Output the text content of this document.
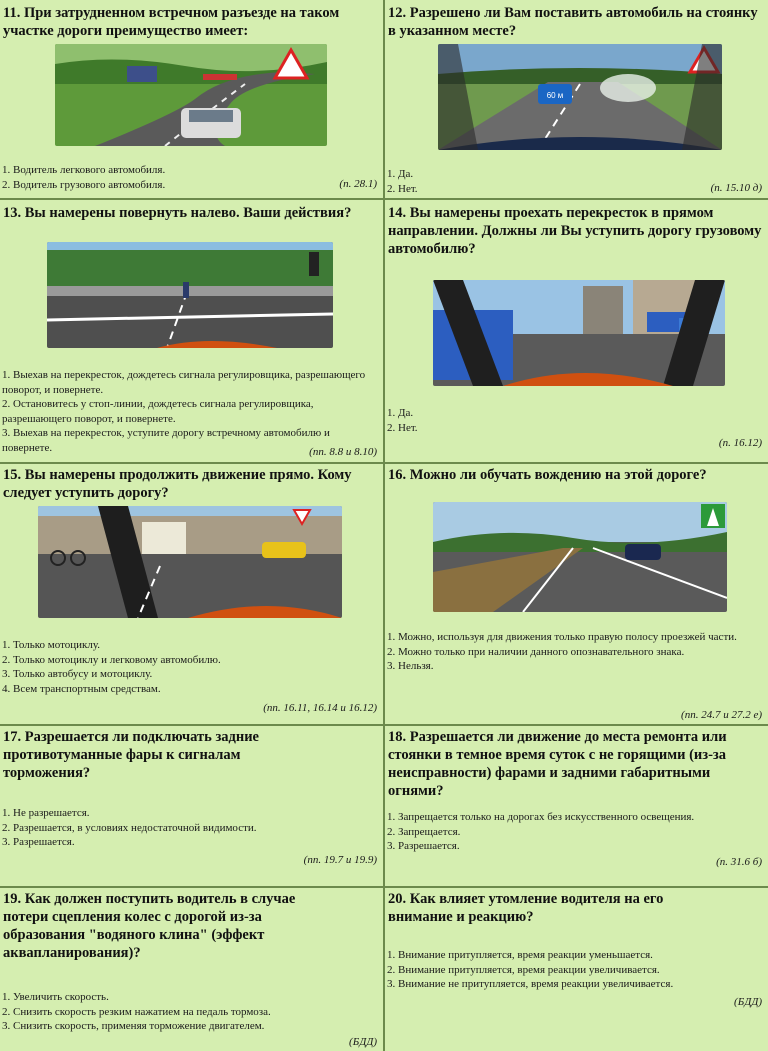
11. При затрудненном встречном разъезде на таком участке дороги преимущество имеет:
1. Водитель легкового автомобиля.
2. Водитель грузового автомобиля.	(п. 28.1)
12. Разрешено ли Вам поставить автомобиль на стоянку в указанном месте?
60 м
1. Да.
2. Нет.	(п. 15.10 д)
13. Вы намерены повернуть налево. Ваши действия?
1. Выехав на перекресток, дождетесь сигнала регулировщика, разрешающего поворот, и повернете.
2. Остановитесь у стоп-линии, дождетесь сигнала регулировщика, разрешающего поворот, и повернете.
3. Выехав на перекресток, уступите дорогу встречному автомобилю и повернете.	(пп. 8.8 и 8.10)
14. Вы намерены проехать перекресток в прямом направлении. Должны ли Вы уступить дорогу грузовому автомобилю?
1. Да.
2. Нет.
(п. 16.12)
15. Вы намерены продолжить движение прямо. Кому следует уступить дорогу?
1. Только мотоциклу.
2. Только мотоциклу и легковому автомобилю.
3. Только автобусу и мотоциклу.
4. Всем транспортным средствам.
(пп. 16.11, 16.14 и 16.12)
16. Можно ли обучать вождению на этой дороге?
1. Можно, используя для движения только правую полосу проезжей части.
2. Можно только при наличии данного опознавательного знака.
3. Нельзя.
(пп. 24.7 и 27.2 е)
17. Разрешается ли подключать задние противотуманные фары к сигналам торможения?
1. Не разрешается.
2. Разрешается, в условиях недостаточной видимости.
3. Разрешается.
(пп. 19.7 и 19.9)
18. Разрешается ли движение до места ремонта или стоянки в темное время суток с не горящими (из-за неисправности) фарами и задними габаритными огнями?
1. Запрещается только на дорогах без искусственного освещения.
2. Запрещается.
3. Разрешается.
(п. 31.6 б)
19. Как должен поступить водитель в случае потери сцепления колес с дорогой из-за образования "водяного клина" (эффект аквапланирования)?
1. Увеличить скорость.
2. Снизить скорость резким нажатием на педаль тормоза.
3. Снизить скорость, применяя торможение двигателем.
(БДД)
20. Как влияет утомление водителя на его внимание и реакцию?
1. Внимание притупляется, время реакции уменьшается.
2. Внимание притупляется, время реакции увеличивается.
3. Внимание не притупляется, время реакции увеличивается.
(БДД)
